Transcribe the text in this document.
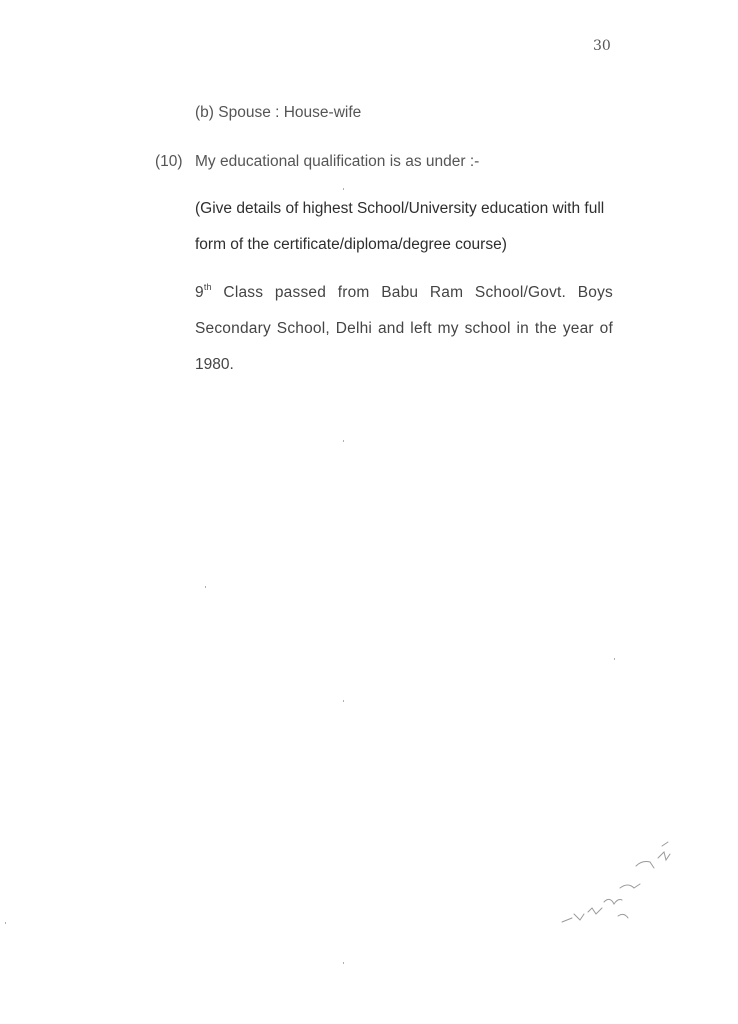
30
(b) Spouse : House-wife
(10) My educational qualification is as under :-
(Give details of highest School/University education with full
form of the certificate/diploma/degree course)
9th Class passed from Babu Ram School/Govt. Boys
Secondary School, Delhi and left my school in the year of
1980.
